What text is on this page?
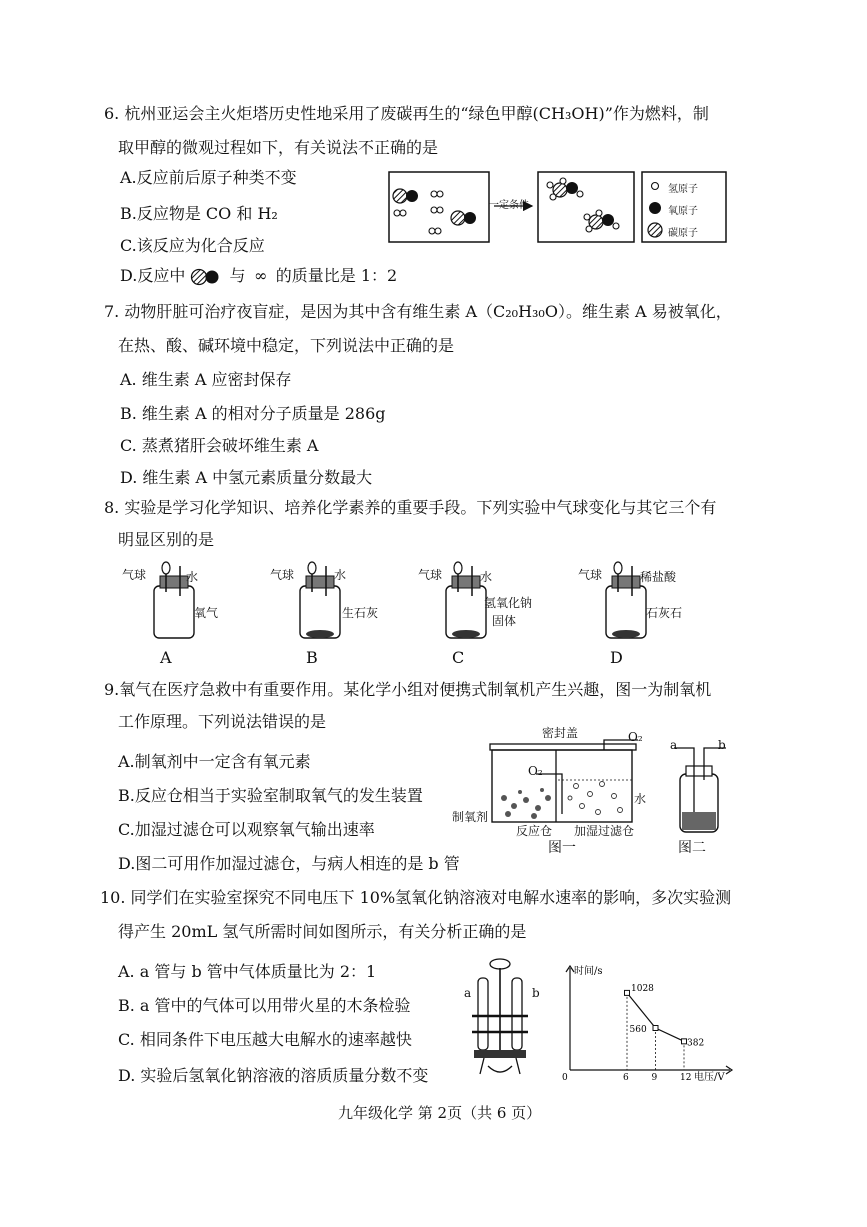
6. 杭州亚运会主火炬塔历史性地采用了废碳再生的“绿色甲醇(CH₃OH)”作为燃料，制
取甲醇的微观过程如下，有关说法不正确的是
A.反应前后原子种类不变
B.反应物是 CO 和 H₂
C.该反应为化合反应
D.反应中	与 ∞ 的质量比是 1：2
一定条件
氢原子
氧原子
碳原子
7. 动物肝脏可治疗夜盲症，是因为其中含有维生素 A（C₂₀H₃₀O）。维生素 A 易被氧化，
在热、酸、碱环境中稳定，下列说法中正确的是
A. 维生素 A 应密封保存
B. 维生素 A 的相对分子质量是 286g
C. 蒸煮猪肝会破坏维生素 A
D. 维生素 A 中氢元素质量分数最大
8. 实验是学习化学知识、培养化学素养的重要手段。下列实验中气球变化与其它三个有
明显区别的是
气球	水
氧气
A
气球	水
生石灰
B
气球	水
氢氧化钠
固体
C
气球	稀盐酸
石灰石
D
9.氧气在医疗急救中有重要作用。某化学小组对便携式制氧机产生兴趣，图一为制氧机
工作原理。下列说法错误的是
A.制氧剂中一定含有氧元素
B.反应仓相当于实验室制取氧气的发生装置
C.加湿过滤仓可以观察氧气输出速率
D.图二可用作加湿过滤仓，与病人相连的是 b 管
密封盖	O₂
O₂
水
制氧剂
反应仓 加湿过滤仓
图一
a	b
图二
10. 同学们在实验室探究不同电压下 10%氢氧化钠溶液对电解水速率的影响，多次实验测
得产生 20mL 氢气所需时间如图所示，有关分析正确的是
A. a 管与 b 管中气体质量比为 2：1
B. a 管中的气体可以用带火星的木条检验
C. 相同条件下电压越大电解水的速率越快
D. 实验后氢氧化钠溶液的溶质质量分数不变
a	b
时间/s
电压/V
0	6	9	12
1028
560
382
九年级化学 第 2页（共 6 页）
